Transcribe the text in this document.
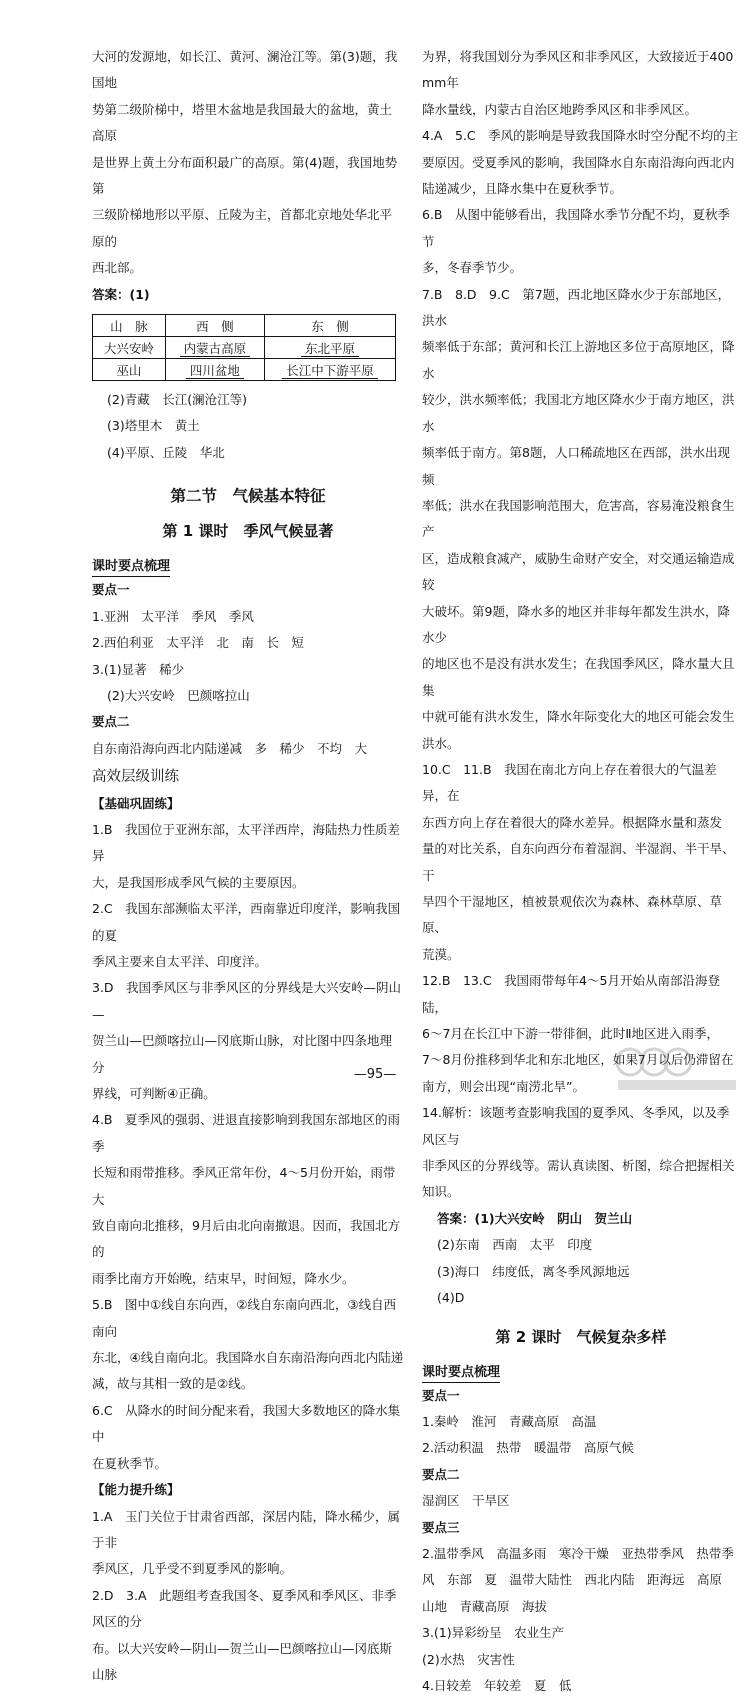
大河的发源地，如长江、黄河、澜沧江等。第(3)题，我国地
势第二级阶梯中，塔里木盆地是我国最大的盆地，黄土高原
是世界上黄土分布面积最广的高原。第(4)题，我国地势第
三级阶梯地形以平原、丘陵为主，首都北京地处华北平原的
西北部。
答案：(1)
山　脉	西　侧	东　侧
大兴安岭	内蒙古高原	东北平原
巫山	四川盆地	长江中下游平原
(2)青藏　长江(澜沧江等)
(3)塔里木　黄土
(4)平原、丘陵　华北
第二节　气候基本特征
第 1 课时　季风气候显著
课时要点梳理
要点一
1.亚洲　太平洋　季风　季风
2.西伯利亚　太平洋　北　南　长　短
3.(1)显著　稀少
(2)大兴安岭　巴颜喀拉山
要点二
自东南沿海向西北内陆递减　多　稀少　不均　大
高效层级训练
【基础巩固练】
1.B　我国位于亚洲东部，太平洋西岸，海陆热力性质差异
大，是我国形成季风气候的主要原因。
2.C　我国东部濒临太平洋，西南靠近印度洋，影响我国的夏
季风主要来自太平洋、印度洋。
3.D　我国季风区与非季风区的分界线是大兴安岭—阴山—
贺兰山—巴颜喀拉山—冈底斯山脉，对比图中四条地理分
界线，可判断④正确。
4.B　夏季风的强弱、进退直接影响到我国东部地区的雨季
长短和雨带推移。季风正常年份，4～5月份开始，雨带大
致自南向北推移，9月后由北向南撤退。因而，我国北方的
雨季比南方开始晚，结束早，时间短，降水少。
5.B　图中①线自东向西，②线自东南向西北，③线自西南向
东北，④线自南向北。我国降水自东南沿海向西北内陆递
减，故与其相一致的是②线。
6.C　从降水的时间分配来看，我国大多数地区的降水集中
在夏秋季节。
【能力提升练】
1.A　玉门关位于甘肃省西部，深居内陆，降水稀少，属于非
季风区，几乎受不到夏季风的影响。
2.D　3.A　此题组考查我国冬、夏季风和季风区、非季风区的分
布。以大兴安岭—阴山—贺兰山—巴颜喀拉山—冈底斯山脉
为界，将我国划分为季风区和非季风区，大致接近于400 mm年
降水量线，内蒙古自治区地跨季风区和非季风区。
4.A　5.C　季风的影响是导致我国降水时空分配不均的主
要原因。受夏季风的影响，我国降水自东南沿海向西北内
陆递减少，且降水集中在夏秋季节。
6.B　从图中能够看出，我国降水季节分配不均，夏秋季节
多，冬春季节少。
7.B　8.D　9.C　第7题，西北地区降水少于东部地区，洪水
频率低于东部；黄河和长江上游地区多位于高原地区，降水
较少，洪水频率低；我国北方地区降水少于南方地区，洪水
频率低于南方。第8题，人口稀疏地区在西部，洪水出现频
率低；洪水在我国影响范围大，危害高，容易淹没粮食生产
区，造成粮食减产，威胁生命财产安全，对交通运输造成较
大破坏。第9题，降水多的地区并非每年都发生洪水，降水少
的地区也不是没有洪水发生；在我国季风区，降水量大且集
中就可能有洪水发生，降水年际变化大的地区可能会发生
洪水。
10.C　11.B　我国在南北方向上存在着很大的气温差异，在
东西方向上存在着很大的降水差异。根据降水量和蒸发
量的对比关系，自东向西分布着湿润、半湿润、半干旱、干
旱四个干湿地区，植被景观依次为森林、森林草原、草原、
荒漠。
12.B　13.C　我国雨带每年4～5月开始从南部沿海登陆，
6～7月在长江中下游一带徘徊，此时Ⅱ地区进入雨季，
7～8月份推移到华北和东北地区，如果7月以后仍滞留在
南方，则会出现“南涝北旱”。
14.解析：该题考查影响我国的夏季风、冬季风，以及季风区与
非季风区的分界线等。需认真读图、析图，综合把握相关
知识。
答案：(1)大兴安岭　阴山　贺兰山
(2)东南　西南　太平　印度
(3)海口　纬度低，离冬季风源地远
(4)D
第 2 课时　气候复杂多样
课时要点梳理
要点一
1.秦岭　淮河　青藏高原　高温
2.活动积温　热带　暖温带　高原气候
要点二
湿润区　干旱区
要点三
2.温带季风　高温多雨　寒冷干燥　亚热带季风　热带季
风　东部　夏　温带大陆性　西北内陆　距海远　高原
山地　青藏高原　海拔
3.(1)异彩纷呈　农业生产
(2)水热　灾害性
4.日较差　年较差　夏　低
—95—
